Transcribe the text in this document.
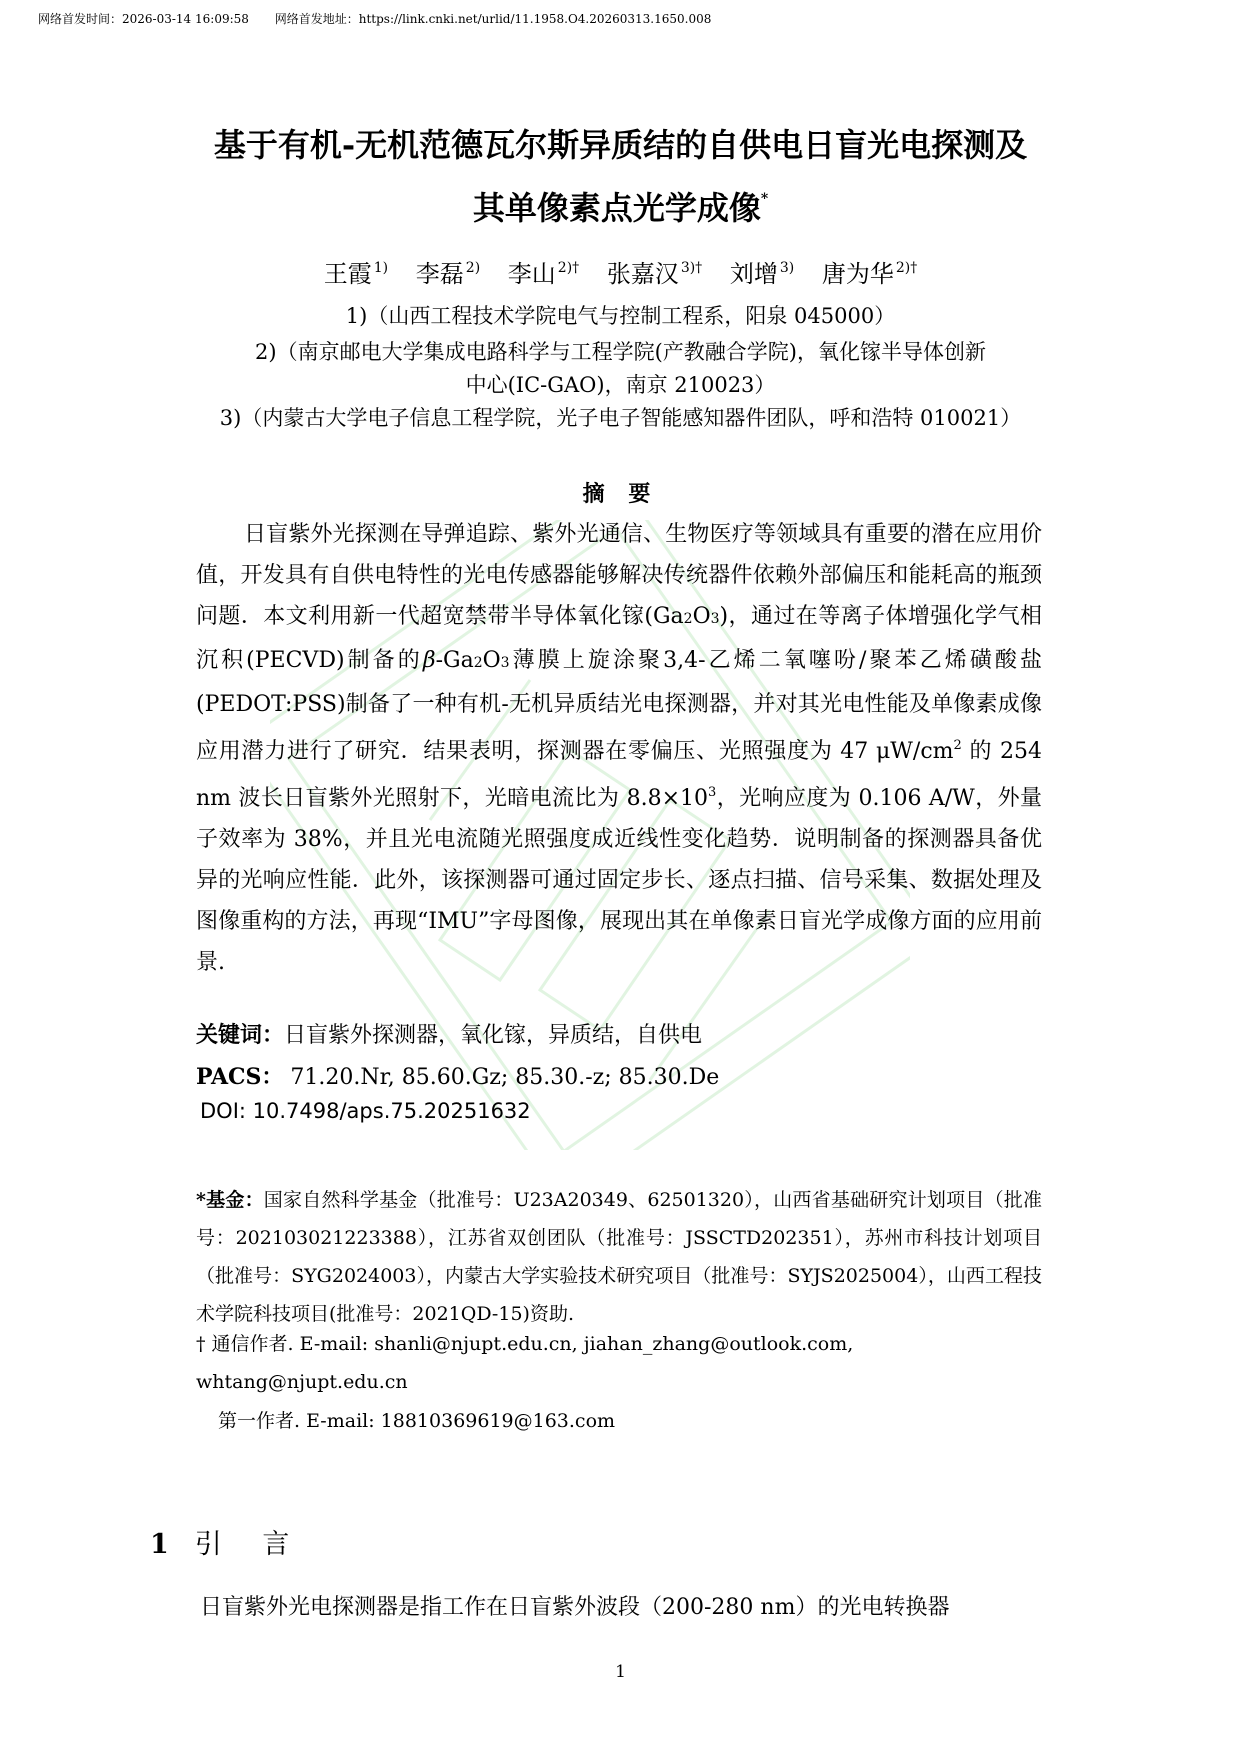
网络首发时间：2026-03-14 16:09:58 网络首发地址：https://link.cnki.net/urlid/11.1958.O4.20260313.1650.008
基于有机-无机范德瓦尔斯异质结的自供电日盲光电探测及
其单像素点光学成像*
王霞 $^{1)}$ 李磊 $^{2)}$ 李山 $^{2)\dagger}$ 张嘉汉 $^{3)\dagger}$ 刘增 $^{3)}$ 唐为华 $^{2)\dagger}$
1)（山西工程技术学院电气与控制工程系，阳泉 045000）
2)（南京邮电大学集成电路科学与工程学院(产教融合学院)，氧化镓半导体创新
中心(IC-GAO)，南京 210023）
3)（内蒙古大学电子信息工程学院，光子电子智能感知器件团队，呼和浩特 010021）
摘 要

日盲紫外光探测在导弹追踪、紫外光通信、生物医疗等领域具有重要的潜在应用价值，开发具有自供电特性的光电传感器能够解决传统器件依赖外部偏压和能耗高的瓶颈问题．本文利用新一代超宽禁带半导体氧化镓(Ga2O3)，通过在等离子体增强化学气相沉积(PECVD)制备的β-Ga2O3薄膜上旋涂聚3,4-乙烯二氧噻吩/聚苯乙烯磺酸盐(PEDOT:PSS)制备了一种有机-无机异质结光电探测器，并对其光电性能及单像素成像应用潜力进行了研究．结果表明，探测器在零偏压、光照强度为 47 $\mu W/cm^2$ 的 254 nm 波长日盲紫外光照射下，光暗电流比为 $8.8\times 10^3$，光响应度为 0.106 A/W，外量子效率为 38%，并且光电流随光照强度成近线性变化趋势．说明制备的探测器具备优异的光响应性能．此外，该探测器可通过固定步长、逐点扫描、信号采集、数据处理及图像重构的方法，再现“IMU”字母图像，展现出其在单像素日盲光学成像方面的应用前景.

关键词：日盲紫外探测器，氧化镓，异质结，自供电
PACS： 71.20.Nr, 85.60.Gz; 85.30.-z; 85.30.De
DOI: 10.7498/aps.75.20251632
*基金：国家自然科学基金（批准号：U23A20349、62501320），山西省基础研究计划项目（批准号：202103021223388），江苏省双创团队（批准号：JSSCTD202351），苏州市科技计划项目（批准号：SYG2024003），内蒙古大学实验技术研究项目（批准号：SYJS2025004），山西工程技术学院科技项目(批准号：2021QD-15)资助.
† 通信作者. E-mail: shanli@njupt.edu.cn, jiahan_zhang@outlook.com,
whtang@njupt.edu.cn
第一作者. E-mail: 18810369619@163.com
1 引 言
日盲紫外光电探测器是指工作在日盲紫外波段（200-280 nm）的光电转换器
1
